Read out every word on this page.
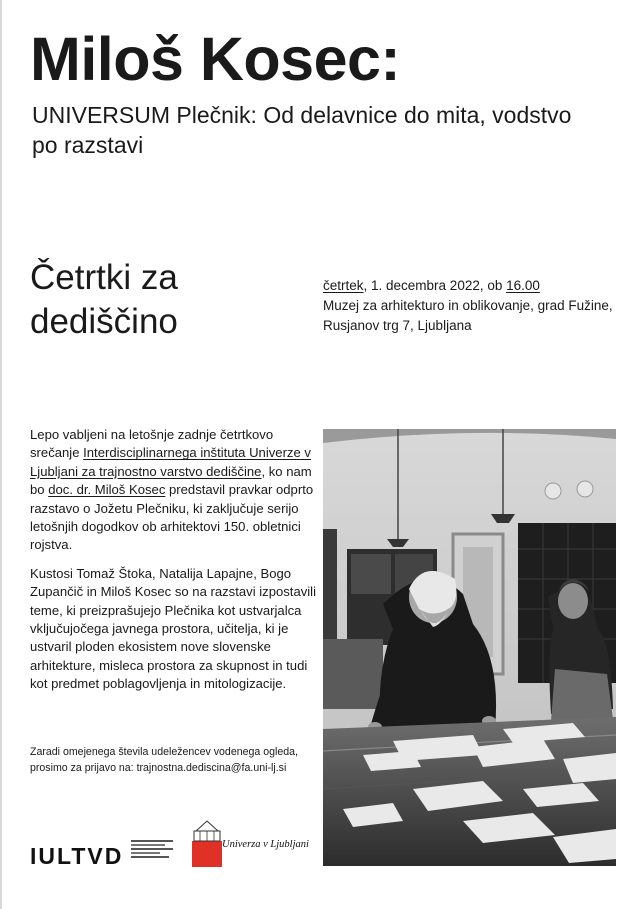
Miloš Kosec:
UNIVERSUM Plečnik: Od delavnice do mita, vodstvo po razstavi
Četrtki za
dediščino

četrtek, 1. decembra 2022, ob 16.00

Muzej za arhitekturo in oblikovanje, grad Fužine, Rusjanov trg 7, Ljubljana

Lepo vabljeni na letošnje zadnje četrtkovo srečanje Interdisciplinarnega inštituta Univerze v Ljubljani za trajnostno varstvo dediščine, ko nam bo doc. dr. Miloš Kosec predstavil pravkar odprto razstavo o Jožetu Plečniku, ki zaključuje serijo letošnjih dogodkov ob arhitektovi 150. obletnici rojstva.

Kustosi Tomaž Štoka, Natalija Lapajne, Bogo Zupančič in Miloš Kosec so na razstavi izpostavili teme, ki preizprašujejo Plečnika kot ustvarjalca vključujočega javnega prostora, učitelja, ki je ustvaril ploden ekosistem nove slovenske arhitekture, misleca prostora za skupnost in tudi kot predmet poblagovljenja in mitologizacije.

Zaradi omejenega števila udeležencev vodenega ogleda,

prosimo za prijavo na: trajnostna.dediscina@fa.uni-lj.si

IULTVD	Univerza v Ljubljani
